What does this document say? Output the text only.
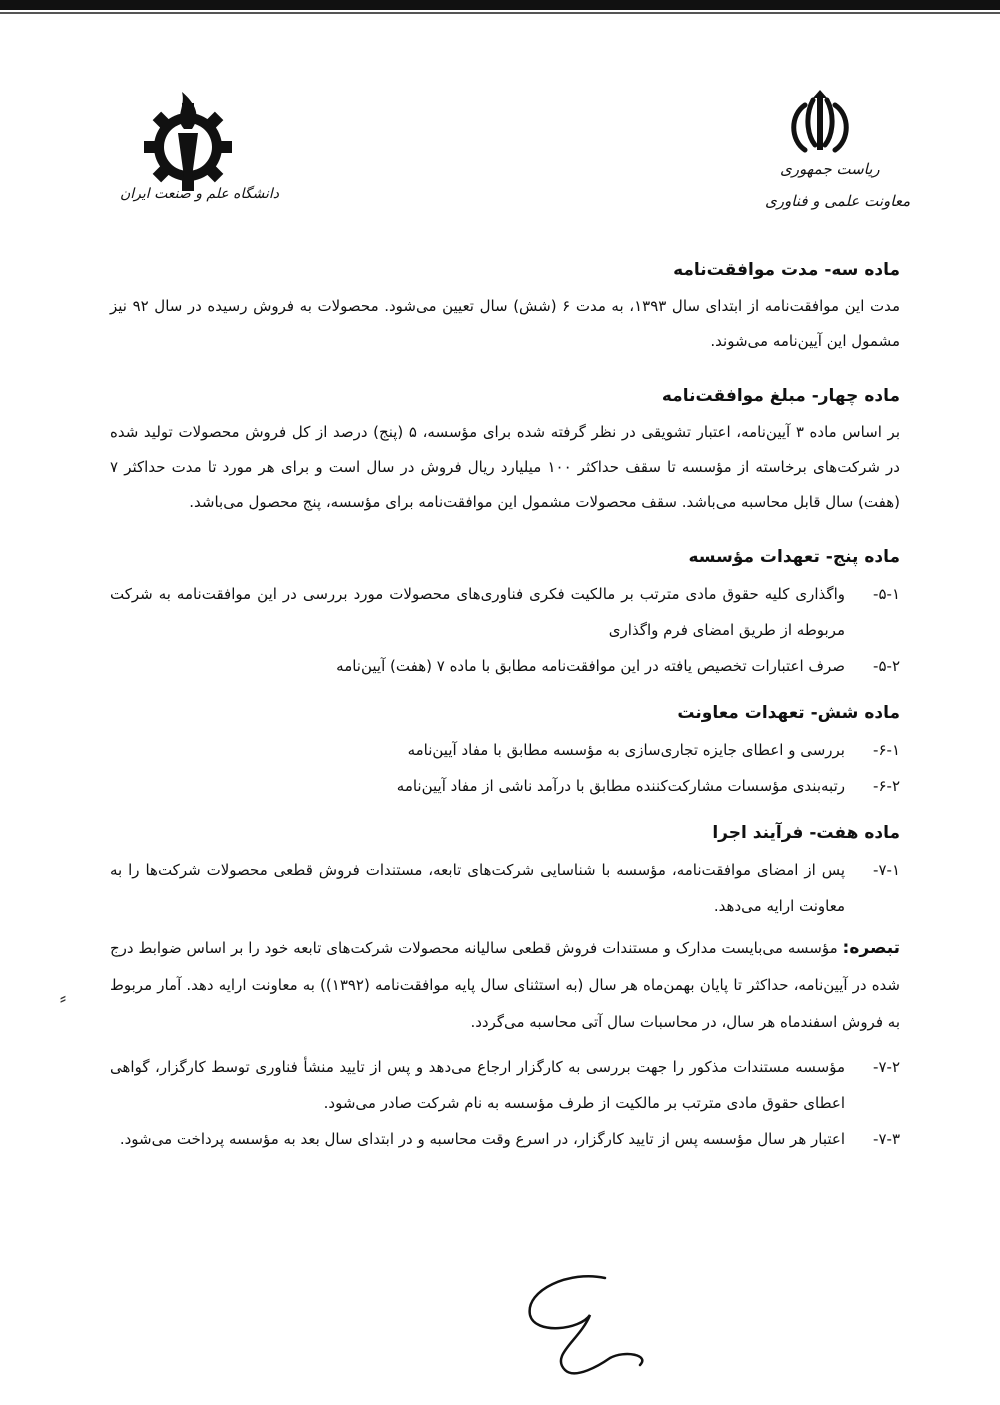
ریاست جمهوری
معاونت علمی و فناوری
دانشگاه علم و صنعت ایران
ماده سه- مدت موافقت‌نامه

مدت این موافقت‌نامه از ابتدای سال ۱۳۹۳، به مدت ۶ (شش) سال تعیین می‌شود. محصولات به فروش رسیده در سال ۹۲ نیز مشمول این آیین‌نامه می‌شوند.

ماده چهار- مبلغ موافقت‌نامه

بر اساس ماده ۳ آیین‌نامه، اعتبار تشویقی در نظر گرفته شده برای مؤسسه، ۵ (پنج) درصد از کل فروش محصولات تولید شده در شرکت‌های برخاسته از مؤسسه تا سقف حداکثر ۱۰۰ میلیارد ریال فروش در سال است و برای هر مورد تا مدت حداکثر ۷ (هفت) سال قابل محاسبه می‌باشد. سقف محصولات مشمول این موافقت‌نامه برای مؤسسه، پنج محصول می‌باشد.

ماده پنج- تعهدات مؤسسه
۵-۱-
واگذاری کلیه حقوق مادی مترتب بر مالکیت فکری فناوری‌های محصولات مورد بررسی در این موافقت‌نامه به شرکت مربوطه از طریق امضای فرم واگذاری
۵-۲-
صرف اعتبارات تخصیص یافته در این موافقت‌نامه مطابق با ماده ۷ (هفت) آیین‌نامه
ماده شش- تعهدات معاونت
۶-۱-
بررسی و اعطای جایزه تجاری‌سازی به مؤسسه مطابق با مفاد آیین‌نامه
۶-۲-
رتبه‌بندی مؤسسات مشارکت‌کننده مطابق با درآمد ناشی از مفاد آیین‌نامه
ماده هفت- فرآیند اجرا
۷-۱-
پس از امضای موافقت‌نامه، مؤسسه با شناسایی شرکت‌های تابعه، مستندات فروش قطعی محصولات شرکت‌ها را به معاونت ارایه می‌دهد.

تبصره: مؤسسه می‌بایست مدارک و مستندات فروش قطعی سالیانه محصولات شرکت‌های تابعه خود را بر اساس ضوابط درج شده در آیین‌نامه، حداکثر تا پایان بهمن‌ماه هر سال (به استثنای سال پایه موافقت‌نامه (۱۳۹۲)) به معاونت ارایه دهد. آمار مربوط به فروش اسفندماه هر سال، در محاسبات سال آتی محاسبه می‌گردد.

۷-۲-
مؤسسه مستندات مذکور را جهت بررسی به کارگزار ارجاع می‌دهد و پس از تایید منشأ فناوری توسط کارگزار، گواهی اعطای حقوق مادی مترتب بر مالکیت از طرف مؤسسه به نام شرکت صادر می‌شود.
۷-۳-
اعتبار هر سال مؤسسه پس از تایید کارگزار، در اسرع وقت محاسبه و در ابتدای سال بعد به مؤسسه پرداخت می‌شود.
⸗
